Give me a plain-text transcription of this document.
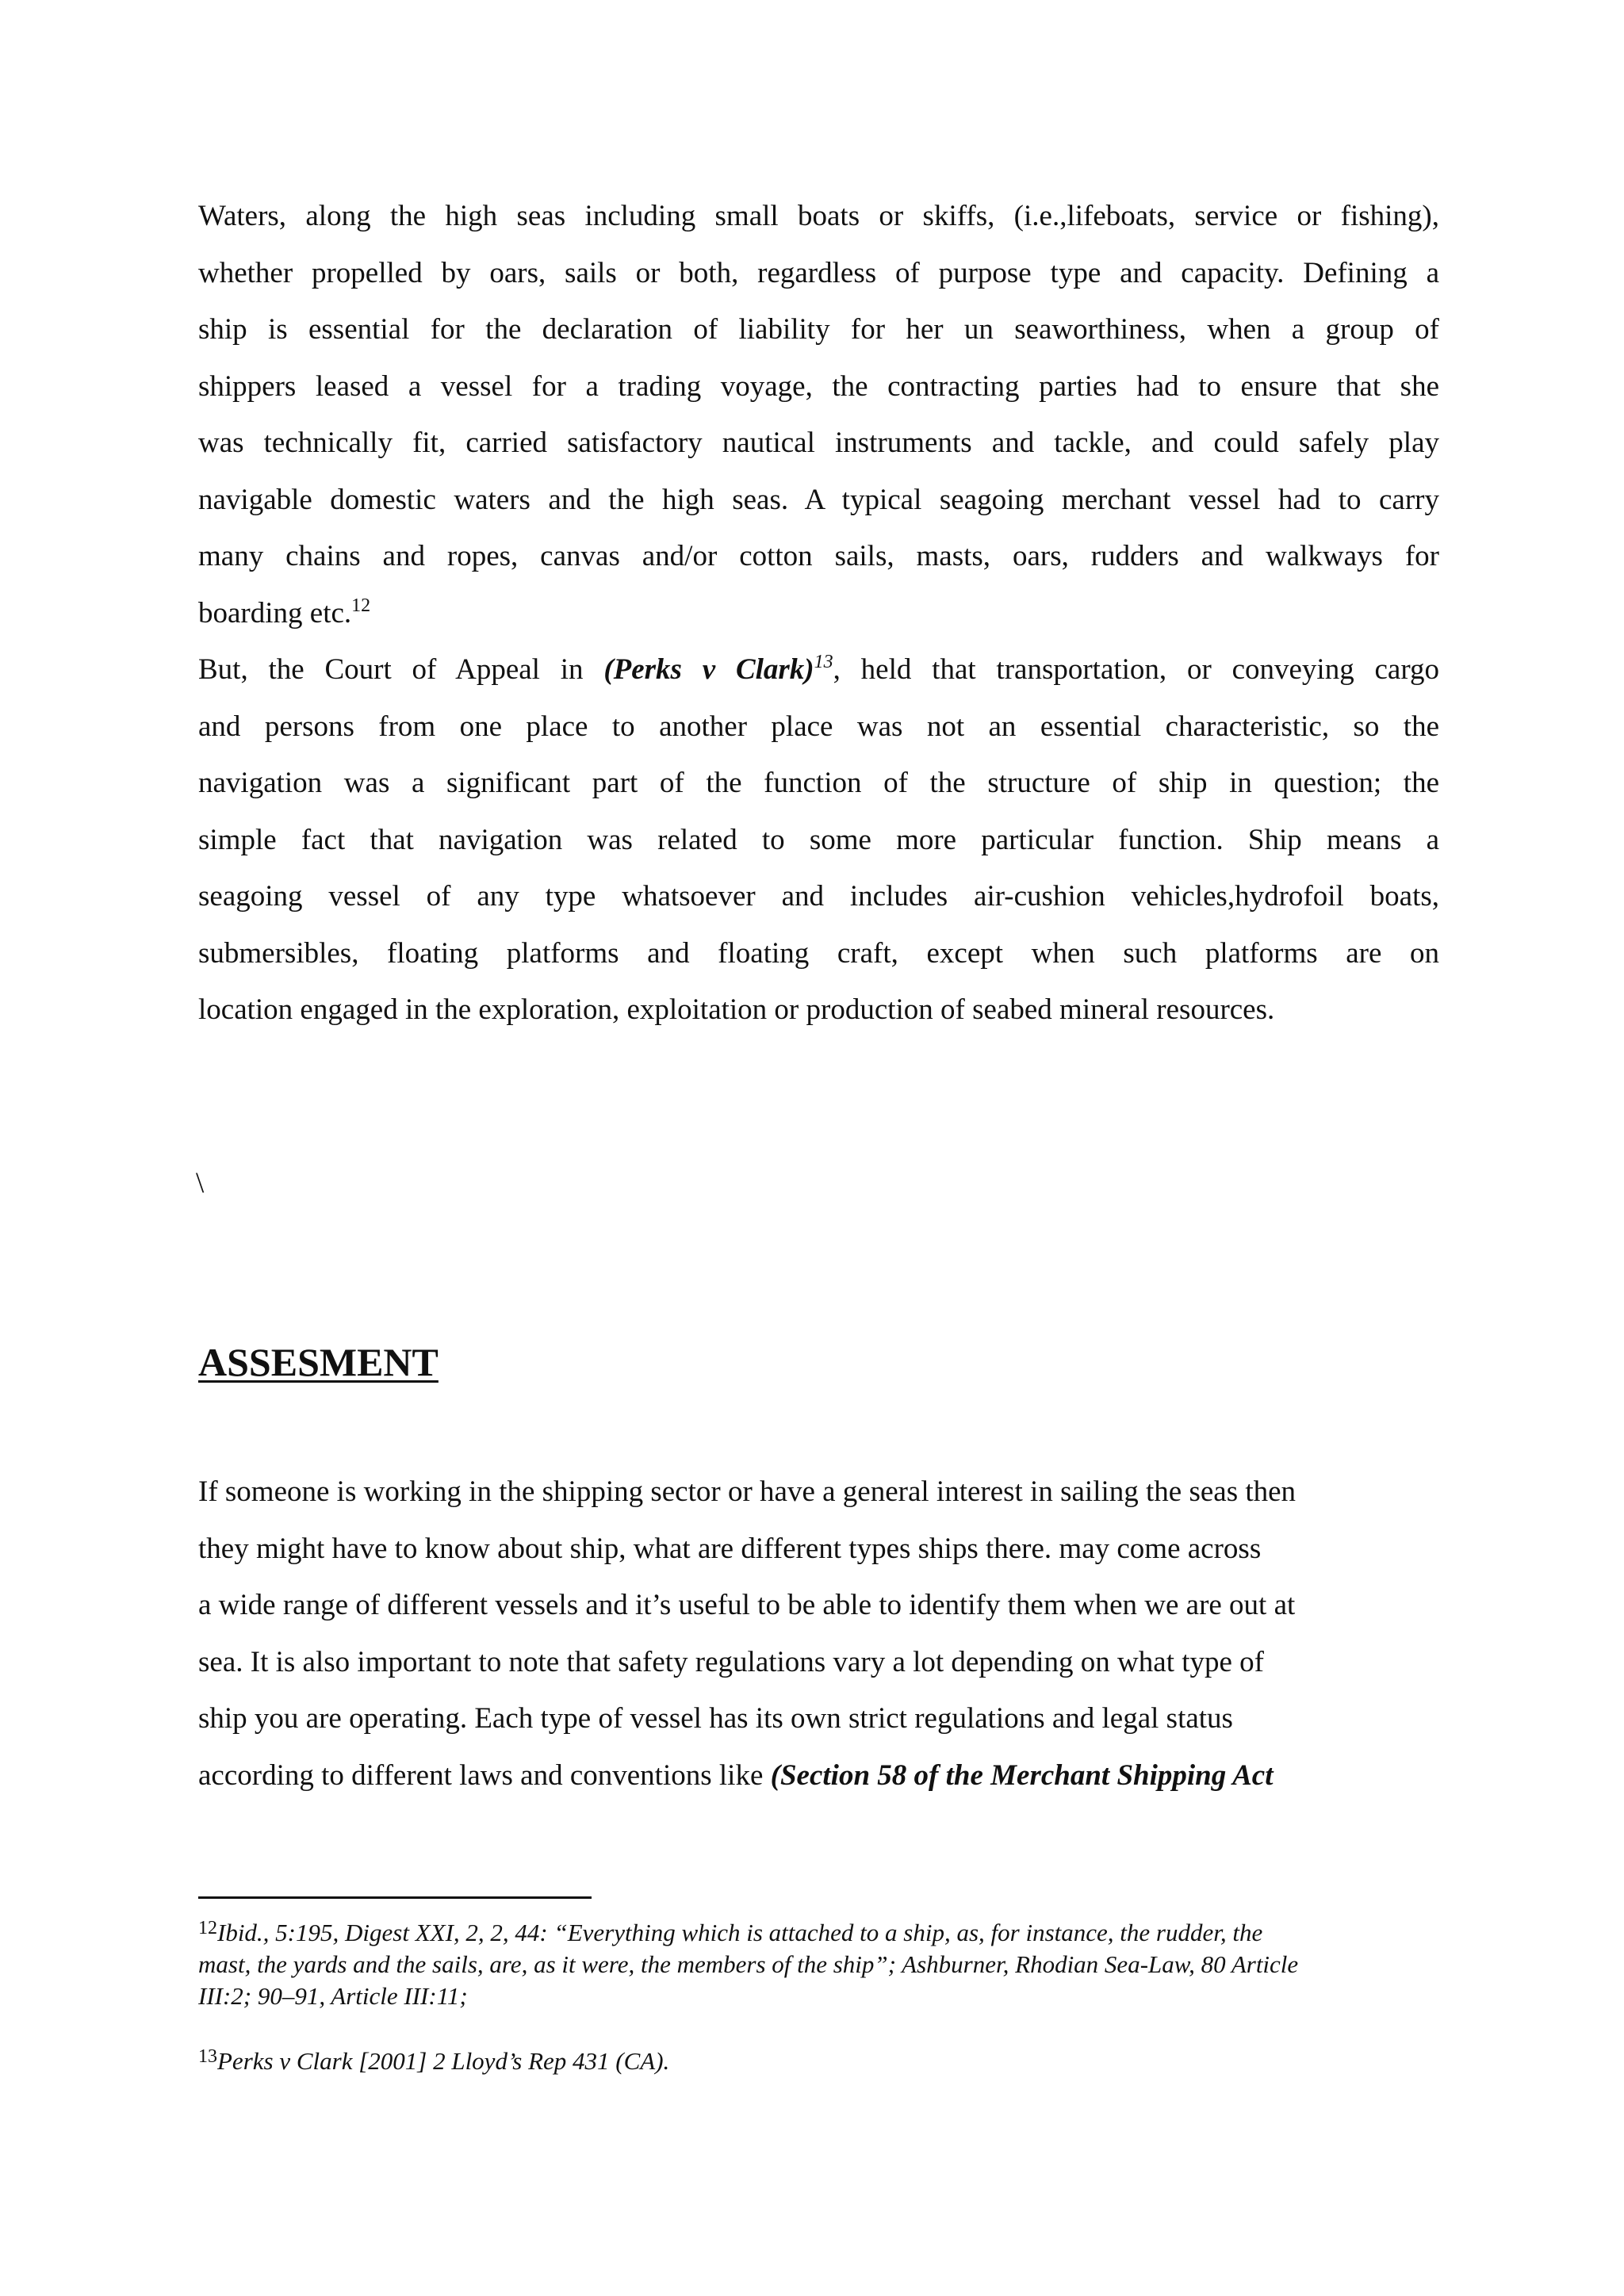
Waters, along the high seas including small boats or skiffs, (i.e.,lifeboats, service or fishing),
whether propelled by oars, sails or both, regardless of purpose type and capacity. Defining a
ship is essential for the declaration of liability for her un seaworthiness, when a group of
shippers leased a vessel for a trading voyage, the contracting parties had to ensure that she
was technically fit, carried satisfactory nautical instruments and tackle, and could safely play
navigable domestic waters and the high seas. A typical seagoing merchant vessel had to carry
many chains and ropes, canvas and/or cotton sails, masts, oars, rudders and walkways for
boarding etc.$^{12}$
But, the Court of Appeal in (Perks v Clark)$^{13}$, held that transportation, or conveying cargo
and persons from one place to another place was not an essential characteristic, so the
navigation was a significant part of the function of the structure of ship in question; the
simple fact that navigation was related to some more particular function. Ship means a
seagoing vessel of any type whatsoever and includes air-cushion vehicles,hydrofoil boats,
submersibles, floating platforms and floating craft, except when such platforms are on
location engaged in the exploration, exploitation or production of seabed mineral resources.
\
ASSESMENT
If someone is working in the shipping sector or have a general interest in sailing the seas then
they might have to know about ship, what are different types ships there. may come across
a wide range of different vessels and it’s useful to be able to identify them when we are out at
sea. It is also important to note that safety regulations vary a lot depending on what type of
ship you are operating. Each type of vessel has its own strict regulations and legal status
according to different laws and conventions like (Section 58 of the Merchant Shipping Act
$^{12}$Ibid., 5:195, Digest XXI, 2, 2, 44: “Everything which is attached to a ship, as, for instance, the rudder, the
mast, the yards and the sails, are, as it were, the members of the ship”; Ashburner, Rhodian Sea-Law, 80 Article
III:2; 90–91, Article III:11;
$^{13}$Perks v Clark [2001] 2 Lloyd’s Rep 431 (CA).
